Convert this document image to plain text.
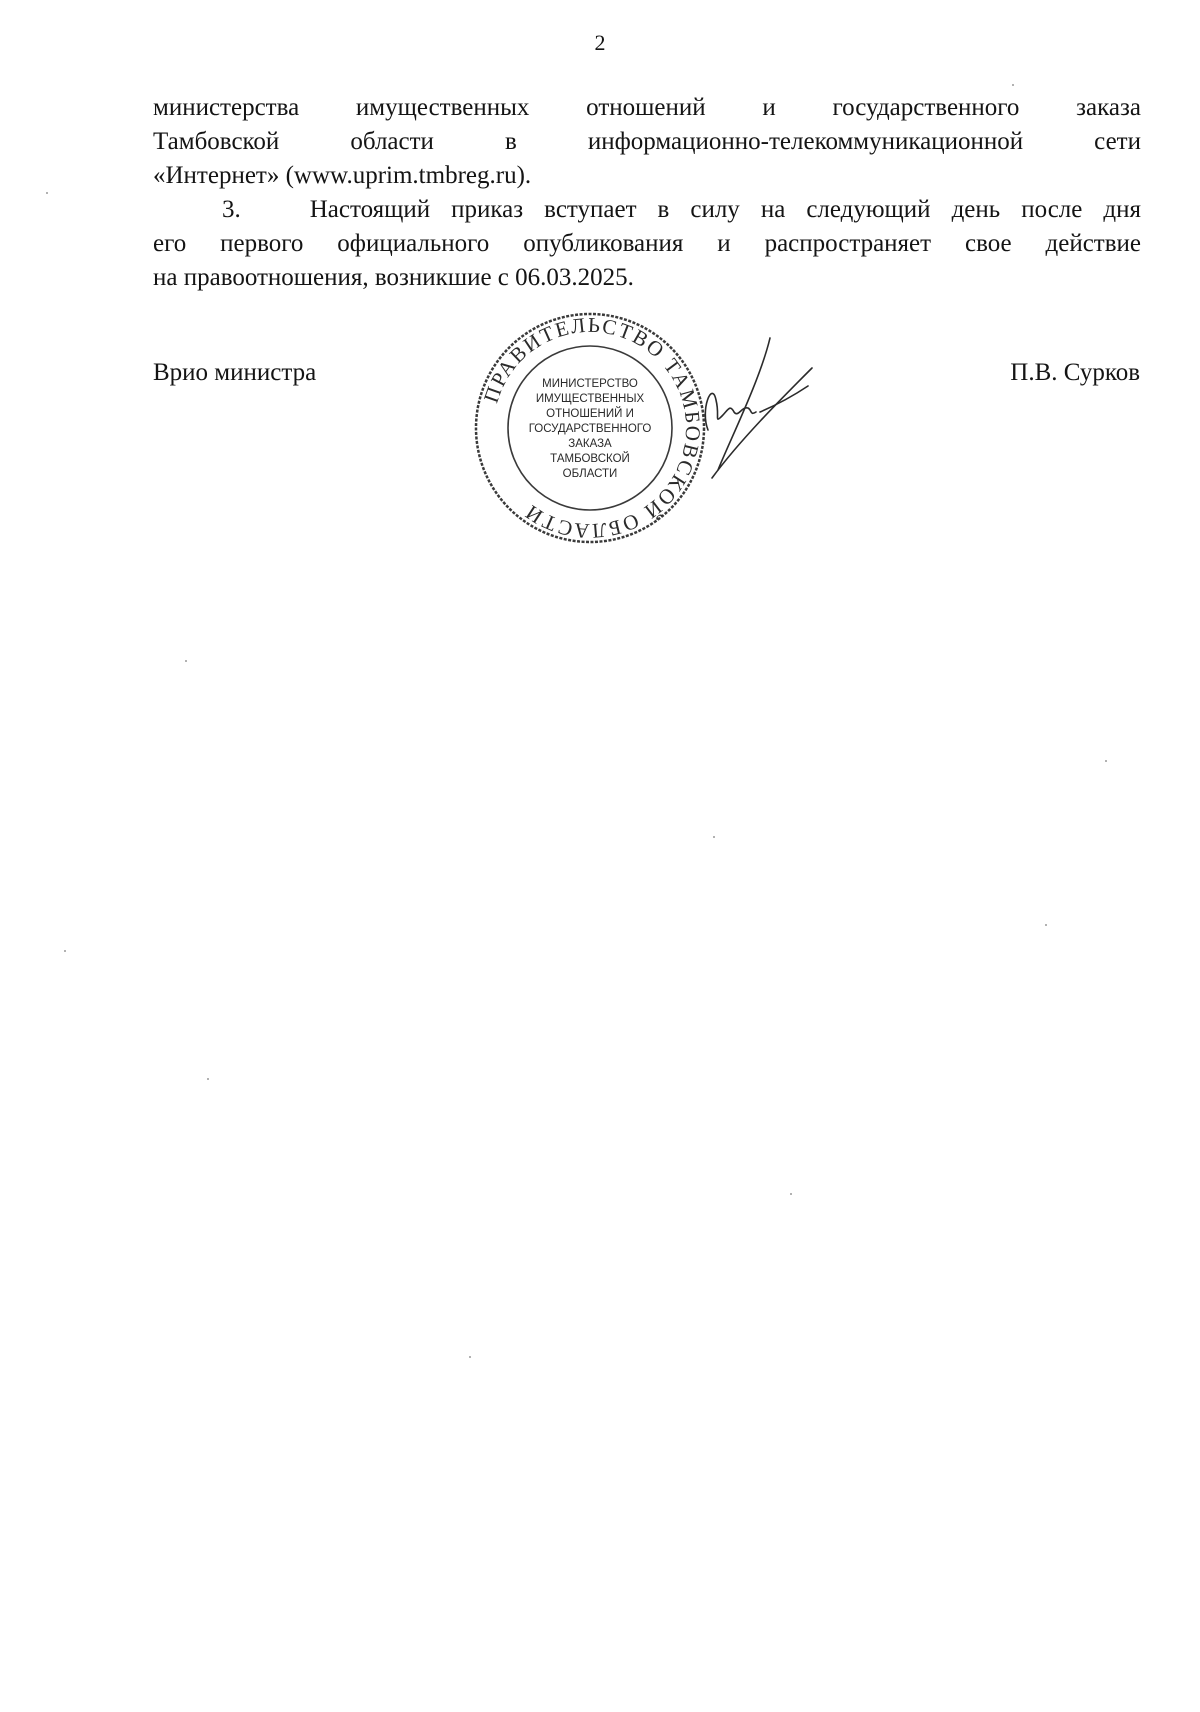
2
министерства имущественных отношений и государственного заказа
Тамбовской области в информационно-телекоммуникационной сети
«Интернет» (www.uprim.tmbreg.ru).
3.	Настоящий приказ вступает в силу на следующий день после дня
его первого официального опубликования и распространяет свое действие
на правоотношения, возникшие с 06.03.2025.
Врио министра	П.В. Сурков
ПРАВИТЕЛЬСТВО ТАМБОВСКОЙ ОБЛАСТИ
МИНИСТЕРСТВО
ИМУЩЕСТВЕННЫХ
ОТНОШЕНИЙ И
ГОСУДАРСТВЕННОГО
ЗАКАЗА
ТАМБОВСКОЙ
ОБЛАСТИ
